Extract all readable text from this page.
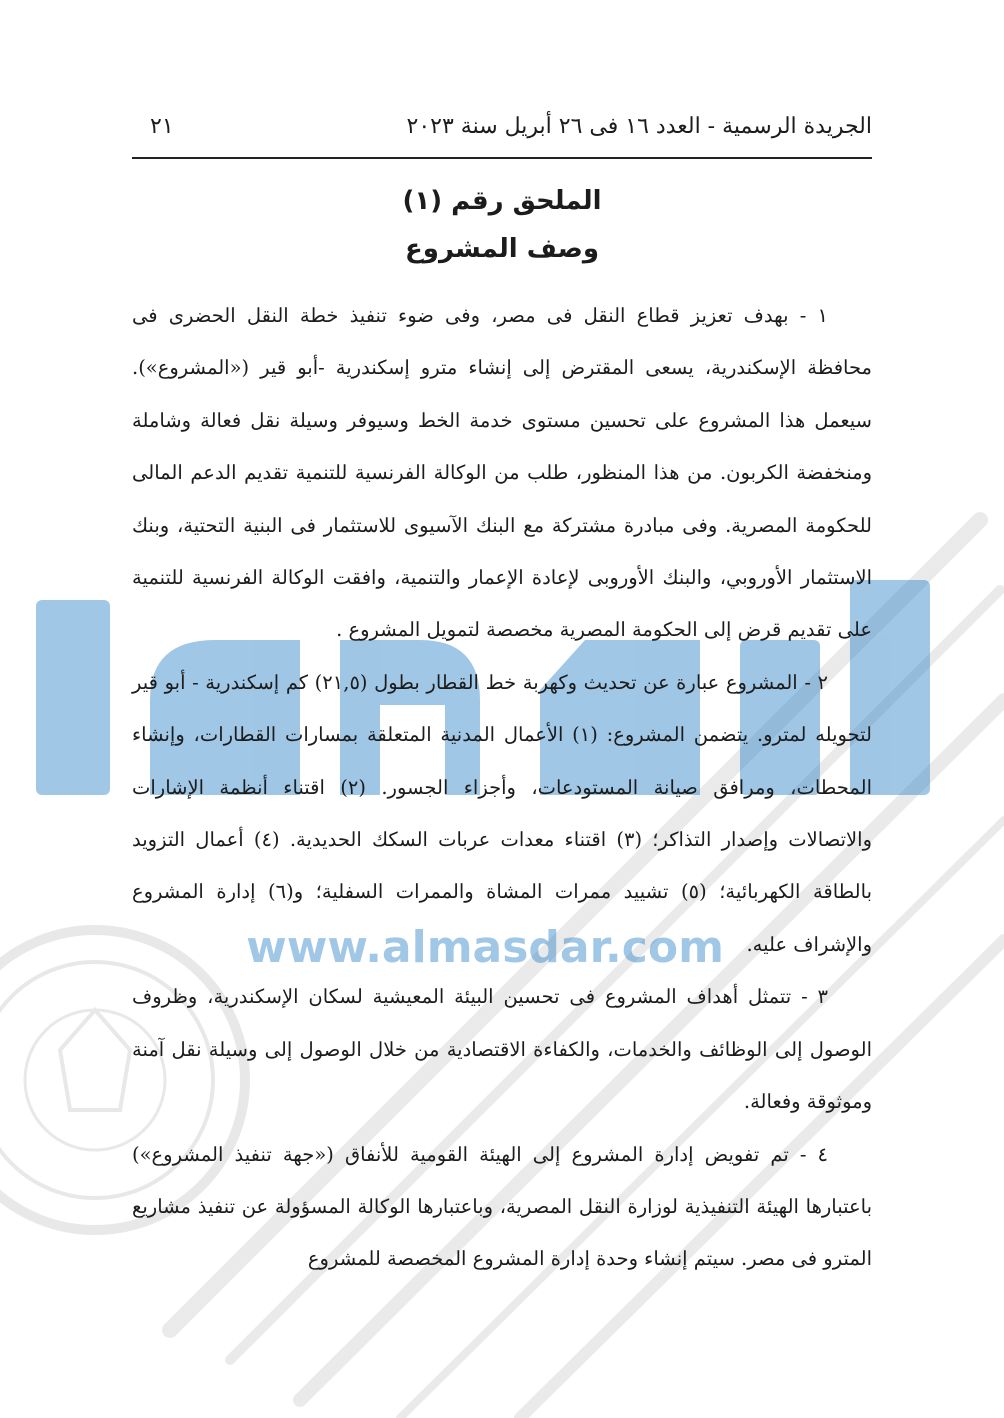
الجريدة الرسمية - العدد ١٦ فى ٢٦ أبريل سنة ٢٠٢٣
٢١
الملحق رقم (١)
وصف المشروع

١ - بهدف تعزيز قطاع النقل فى مصر، وفى ضوء تنفيذ خطة النقل الحضرى فى محافظة الإسكندرية، يسعى المقترض إلى إنشاء مترو إسكندرية -أبو قير («المشروع»). سيعمل هذا المشروع على تحسين مستوى خدمة الخط وسيوفر وسيلة نقل فعالة وشاملة ومنخفضة الكربون. من هذا المنظور، طلب من الوكالة الفرنسية للتنمية تقديم الدعم المالى للحكومة المصرية. وفى مبادرة مشتركة مع البنك الآسيوى للاستثمار فى البنية التحتية، وبنك الاستثمار الأوروبي، والبنك الأوروبى لإعادة الإعمار والتنمية، وافقت الوكالة الفرنسية للتنمية على تقديم قرض إلى الحكومة المصرية مخصصة لتمويل المشروع .

٢ - المشروع عبارة عن تحديث وكهربة خط القطار بطول (٢١,٥) كم إسكندرية - أبو قير لتحويله لمترو. يتضمن المشروع: (١) الأعمال المدنية المتعلقة بمسارات القطارات، وإنشاء المحطات، ومرافق صيانة المستودعات، وأجزاء الجسور. (٢) اقتناء أنظمة الإشارات والاتصالات وإصدار التذاكر؛ (٣) اقتناء معدات عربات السكك الحديدية. (٤) أعمال التزويد بالطاقة الكهربائية؛ (٥) تشييد ممرات المشاة والممرات السفلية؛ و(٦) إدارة المشروع والإشراف عليه.

٣ - تتمثل أهداف المشروع فى تحسين البيئة المعيشية لسكان الإسكندرية، وظروف الوصول إلى الوظائف والخدمات، والكفاءة الاقتصادية من خلال الوصول إلى وسيلة نقل آمنة وموثوقة وفعالة.

٤ - تم تفويض إدارة المشروع إلى الهيئة القومية للأنفاق («جهة تنفيذ المشروع») باعتبارها الهيئة التنفيذية لوزارة النقل المصرية، وباعتبارها الوكالة المسؤولة عن تنفيذ مشاريع المترو فى مصر. سيتم إنشاء وحدة إدارة المشروع المخصصة للمشروع

www.almasdar.com
